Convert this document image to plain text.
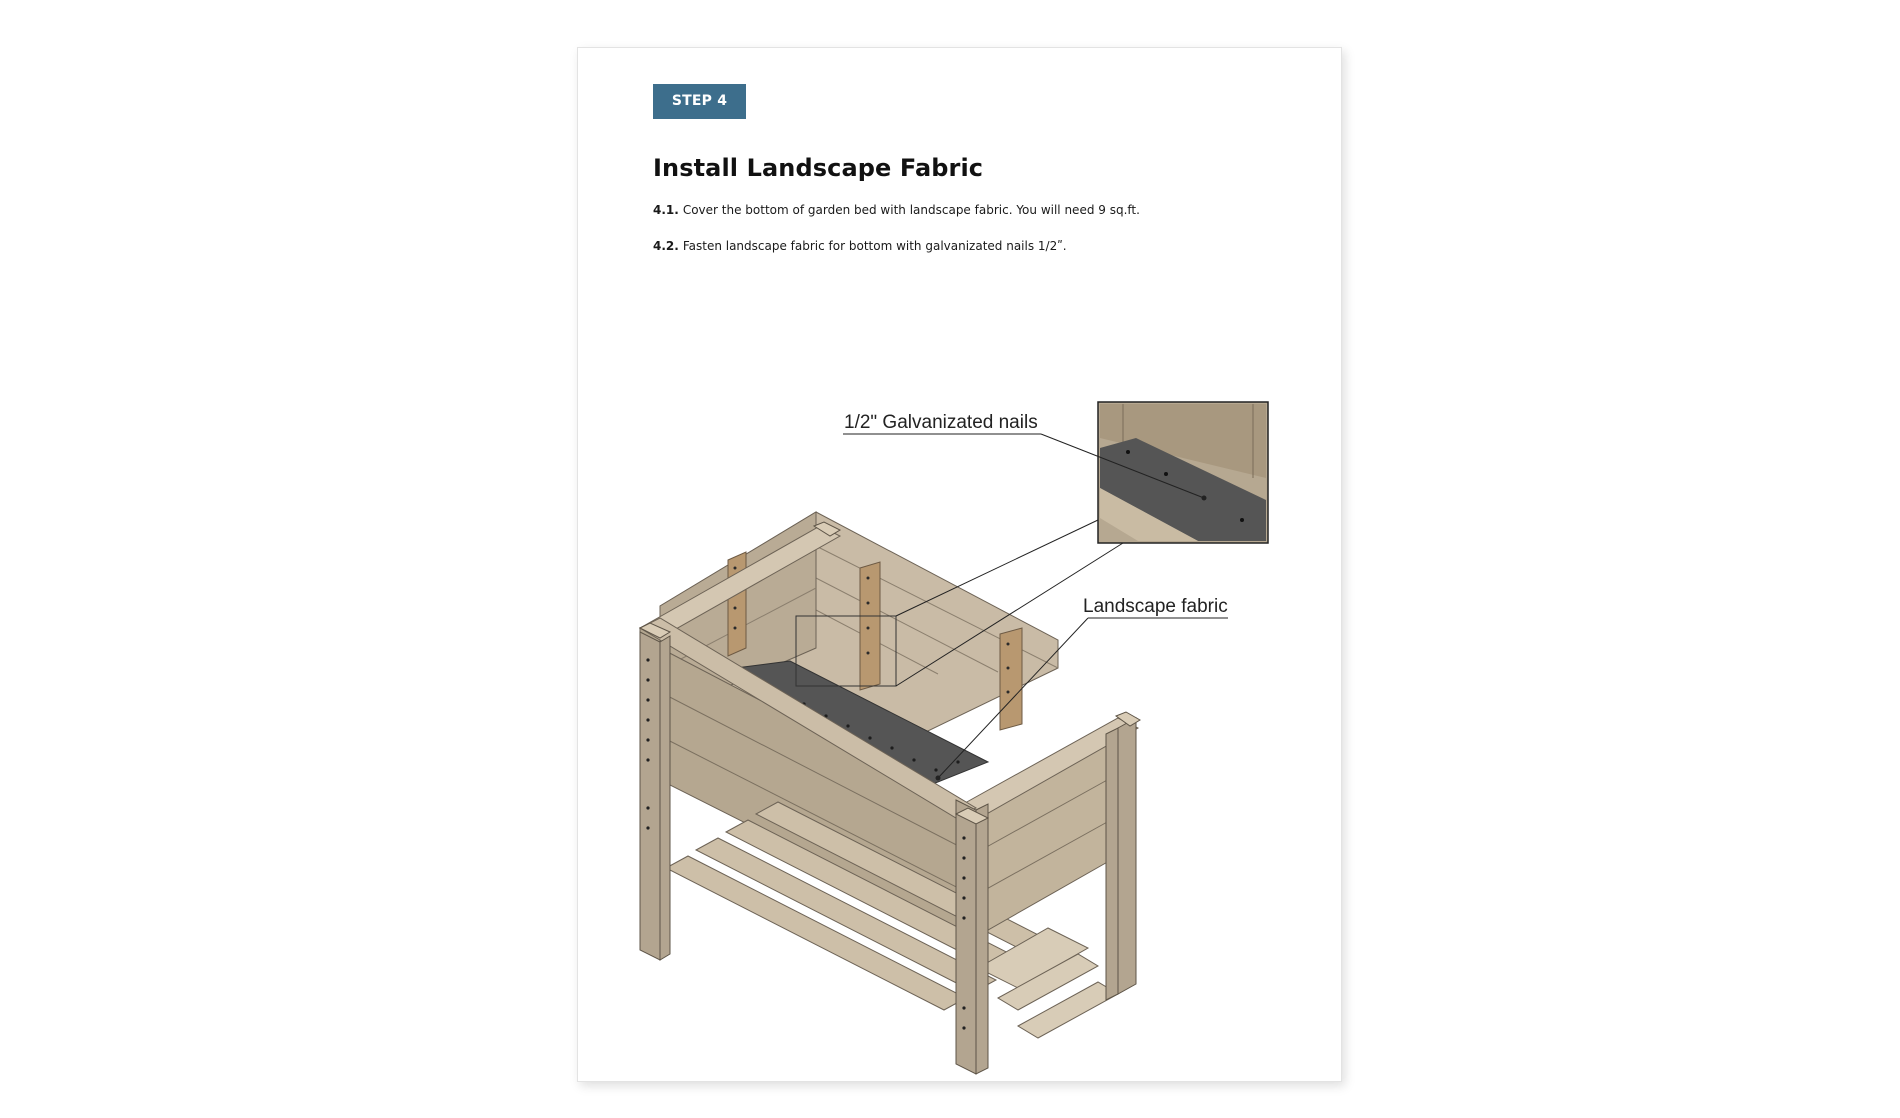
STEP 4
Install Landscape Fabric
4.1. Cover the bottom of garden bed with landscape fabric. You will need 9 sq.ft.
4.2. Fasten landscape fabric for bottom with galvanizated nails 1/2ʺ.
1/2ʺ Galvanizated nails
Landscape fabric
